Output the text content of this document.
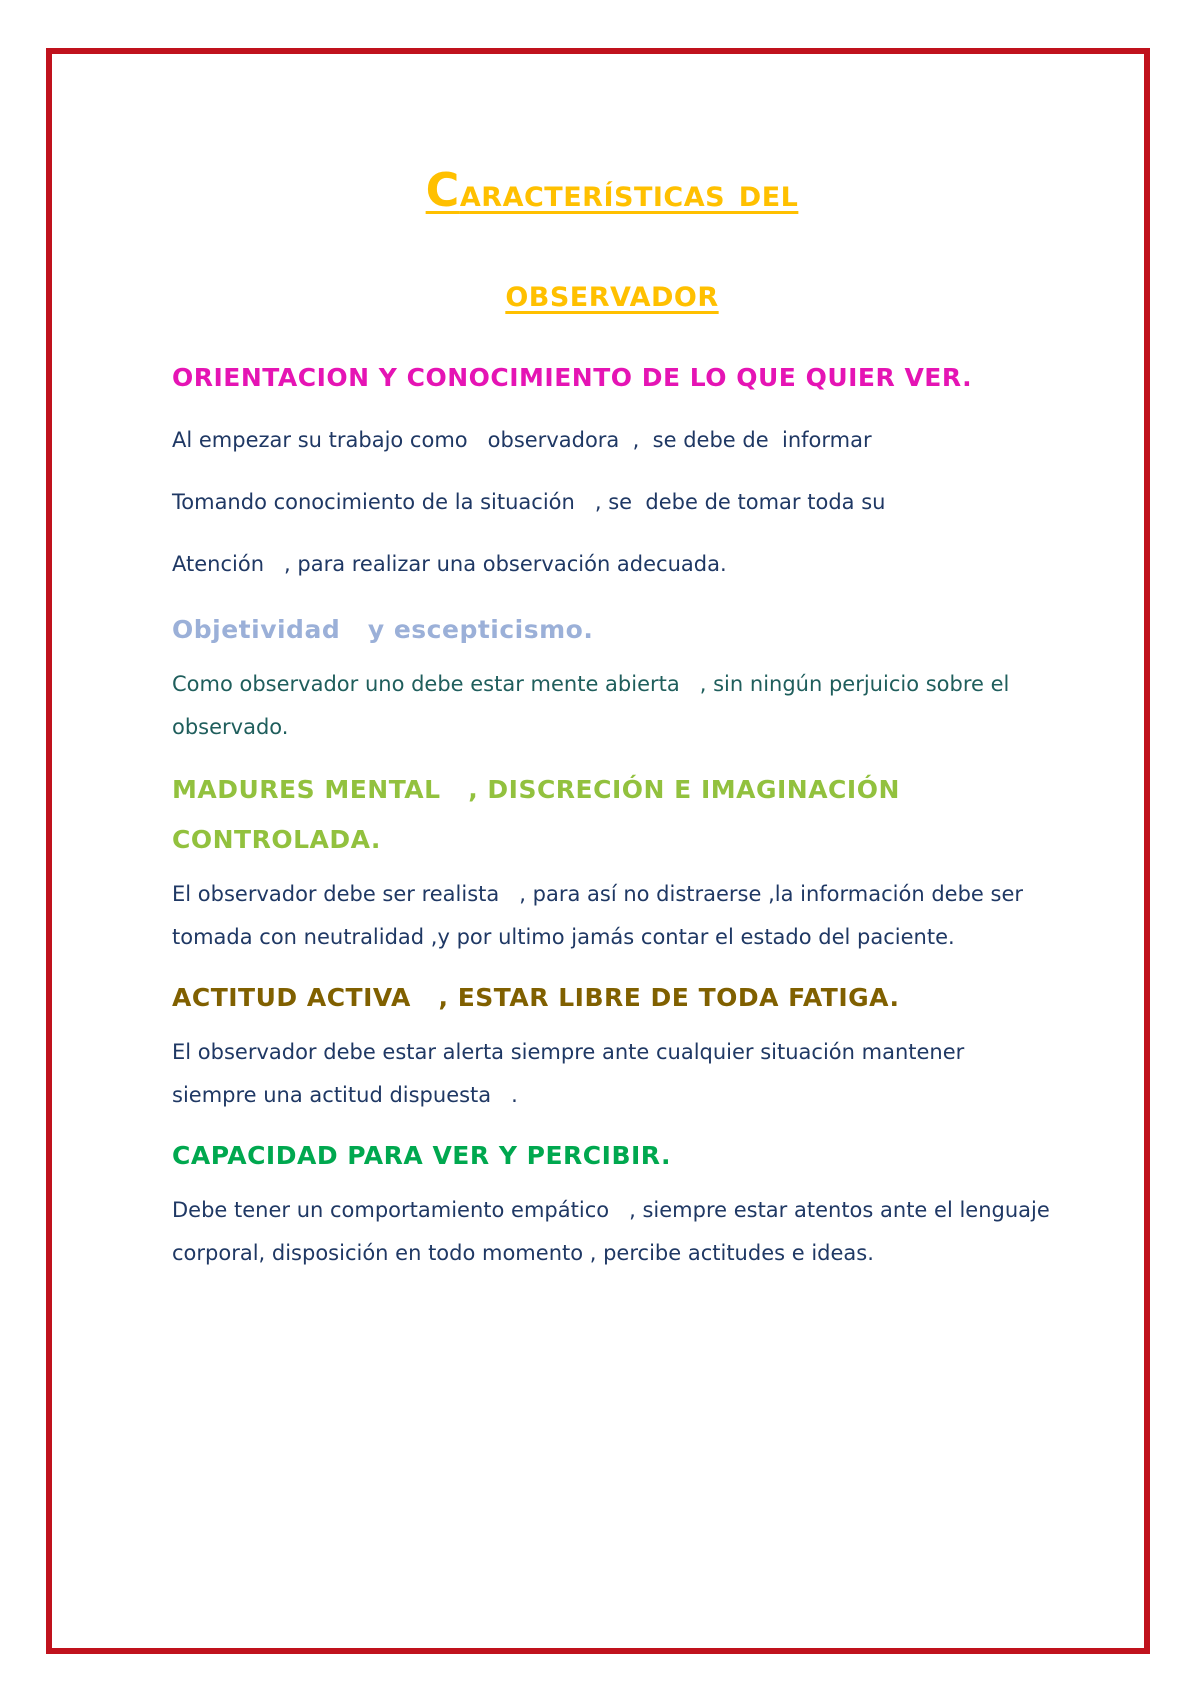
Características del
observador
ORIENTACION Y CONOCIMIENTO DE LO QUE QUIER VER.

Al empezar su trabajo como   observadora  ,  se debe de  informar

Tomando conocimiento de la situación   , se  debe de tomar toda su

Atención   , para realizar una observación adecuada.

Objetividad   y escepticismo.

Como observador uno debe estar mente abierta   , sin ningún perjuicio sobre el observado.

MADURES MENTAL   , DISCRECIÓN E IMAGINACIÓN CONTROLADA.

El observador debe ser realista   , para así no distraerse ,la información debe ser tomada con neutralidad ,y por ultimo jamás contar el estado del paciente.

ACTITUD ACTIVA   , ESTAR LIBRE DE TODA FATIGA.

El observador debe estar alerta siempre ante cualquier situación mantener siempre una actitud dispuesta   .

CAPACIDAD PARA VER Y PERCIBIR.

Debe tener un comportamiento empático   , siempre estar atentos ante el lenguaje corporal, disposición en todo momento , percibe actitudes e ideas.
